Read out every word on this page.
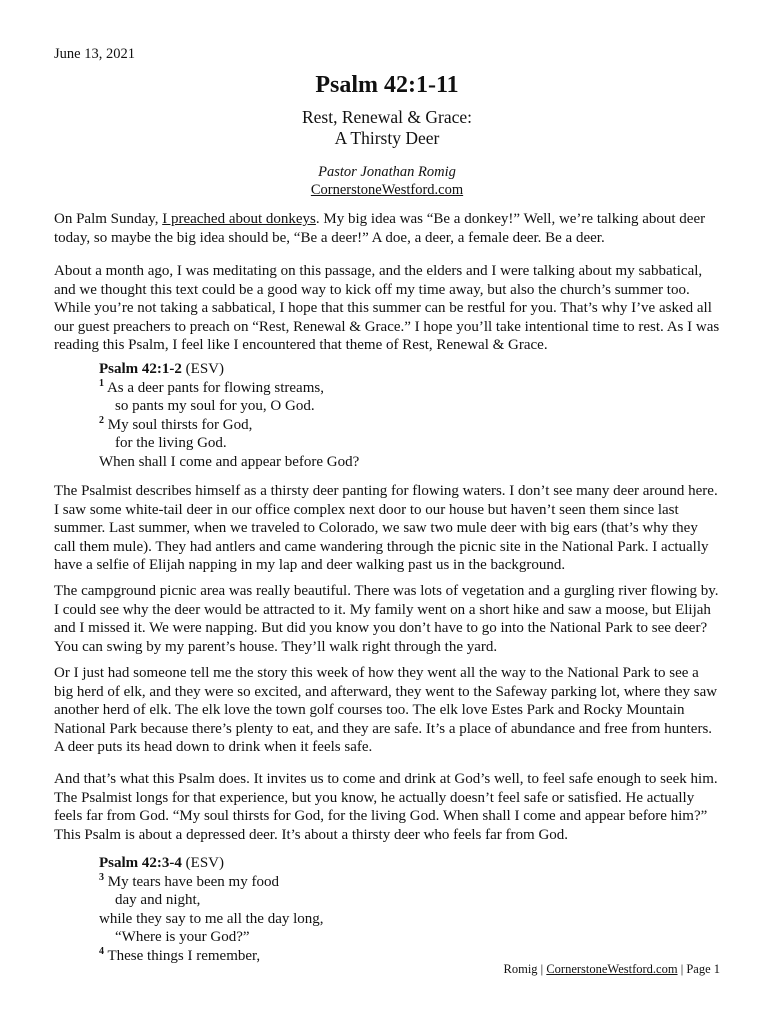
June 13, 2021
Psalm 42:1-11
Rest, Renewal & Grace:
A Thirsty Deer
Pastor Jonathan Romig
CornerstoneWestford.com
On Palm Sunday, I preached about donkeys. My big idea was “Be a donkey!” Well, we’re talking about deer today, so maybe the big idea should be, “Be a deer!” A doe, a deer, a female deer. Be a deer.
About a month ago, I was meditating on this passage, and the elders and I were talking about my sabbatical, and we thought this text could be a good way to kick off my time away, but also the church’s summer too. While you’re not taking a sabbatical, I hope that this summer can be restful for you. That’s why I’ve asked all our guest preachers to preach on “Rest, Renewal & Grace.” I hope you’ll take intentional time to rest. As I was reading this Psalm, I feel like I encountered that theme of Rest, Renewal & Grace.
Psalm 42:1-2 (ESV)
$^1$ As a deer pants for flowing streams,
so pants my soul for you, O God.
$^2$ My soul thirsts for God,
for the living God.
When shall I come and appear before God?
The Psalmist describes himself as a thirsty deer panting for flowing waters. I don’t see many deer around here. I saw some white-tail deer in our office complex next door to our house but haven’t seen them since last summer. Last summer, when we traveled to Colorado, we saw two mule deer with big ears (that’s why they call them mule). They had antlers and came wandering through the picnic site in the National Park. I actually have a selfie of Elijah napping in my lap and deer walking past us in the background.
The campground picnic area was really beautiful. There was lots of vegetation and a gurgling river flowing by. I could see why the deer would be attracted to it. My family went on a short hike and saw a moose, but Elijah and I missed it. We were napping. But did you know you don’t have to go into the National Park to see deer? You can swing by my parent’s house. They’ll walk right through the yard.
Or I just had someone tell me the story this week of how they went all the way to the National Park to see a big herd of elk, and they were so excited, and afterward, they went to the Safeway parking lot, where they saw another herd of elk. The elk love the town golf courses too. The elk love Estes Park and Rocky Mountain National Park because there’s plenty to eat, and they are safe. It’s a place of abundance and free from hunters. A deer puts its head down to drink when it feels safe.
And that’s what this Psalm does. It invites us to come and drink at God’s well, to feel safe enough to seek him. The Psalmist longs for that experience, but you know, he actually doesn’t feel safe or satisfied. He actually feels far from God. “My soul thirsts for God, for the living God. When shall I come and appear before him?” This Psalm is about a depressed deer. It’s about a thirsty deer who feels far from God.
Psalm 42:3-4 (ESV)
$^3$ My tears have been my food
day and night,
while they say to me all the day long,
“Where is your God?”
$^4$ These things I remember,
Romig | CornerstoneWestford.com | Page 1
